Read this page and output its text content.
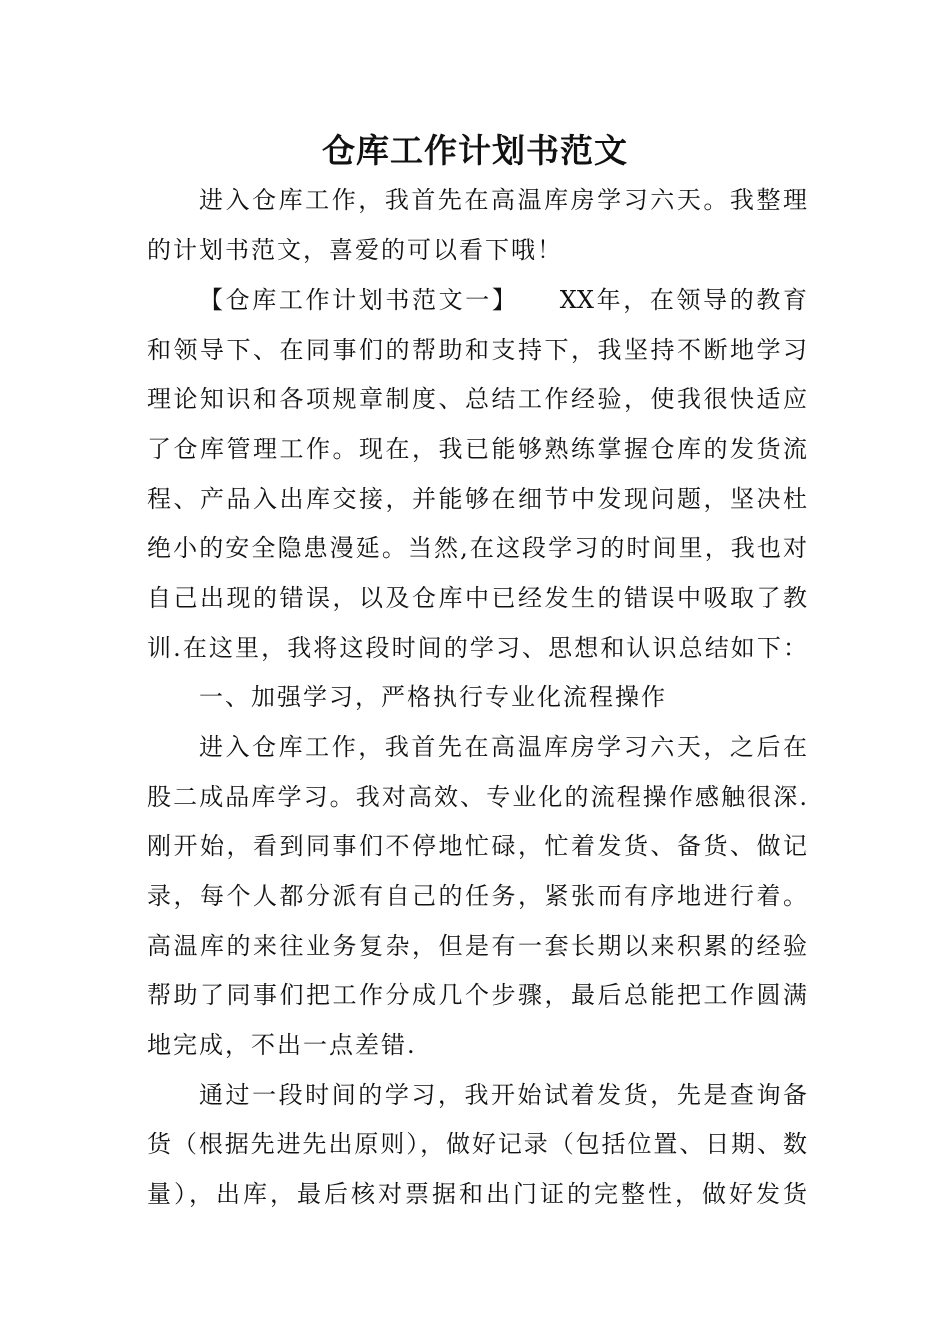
仓库工作计划书范文
进入仓库工作，我首先在高温库房学习六天。我整理
的计划书范文，喜爱的可以看下哦！
【仓库工作计划书范文一】　　XX年，在领导的教育
和领导下、在同事们的帮助和支持下，我坚持不断地学习
理论知识和各项规章制度、总结工作经验，使我很快适应
了仓库管理工作。现在，我已能够熟练掌握仓库的发货流
程、产品入出库交接，并能够在细节中发现问题，坚决杜
绝小的安全隐患漫延。当然,在这段学习的时间里，我也对
自己出现的错误，以及仓库中已经发生的错误中吸取了教
训.在这里，我将这段时间的学习、思想和认识总结如下：
一、加强学习，严格执行专业化流程操作
进入仓库工作，我首先在高温库房学习六天，之后在
股二成品库学习。我对高效、专业化的流程操作感触很深.
刚开始，看到同事们不停地忙碌，忙着发货、备货、做记
录，每个人都分派有自己的任务，紧张而有序地进行着。
高温库的来往业务复杂，但是有一套长期以来积累的经验
帮助了同事们把工作分成几个步骤，最后总能把工作圆满
地完成，不出一点差错.
通过一段时间的学习，我开始试着发货，先是查询备
货（根据先进先出原则），做好记录（包括位置、日期、数
量），出库，最后核对票据和出门证的完整性，做好发货
